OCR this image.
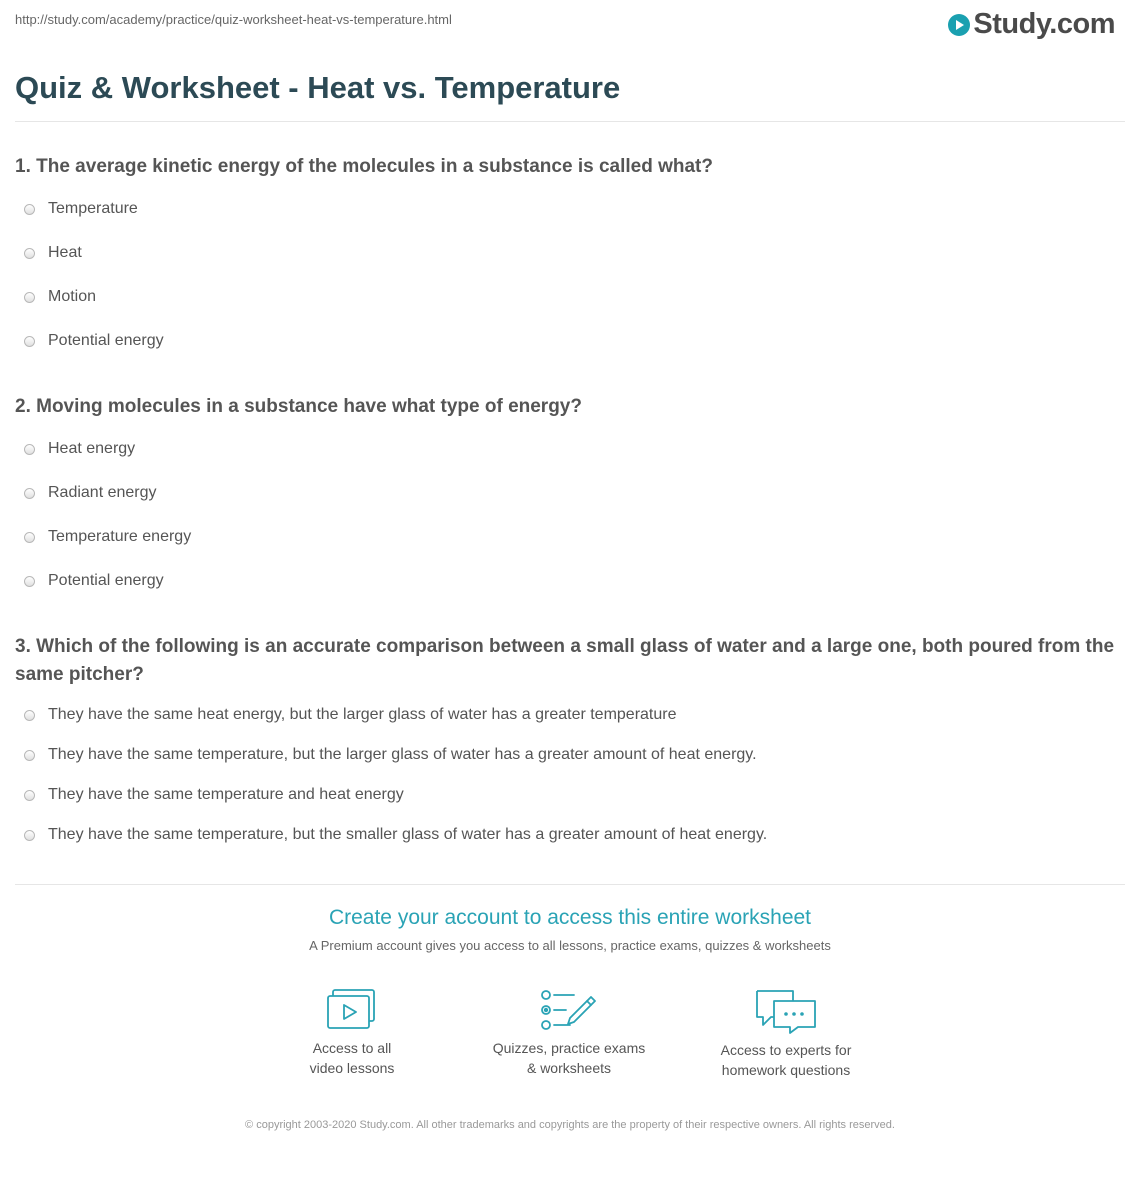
http://study.com/academy/practice/quiz-worksheet-heat-vs-temperature.html	Study.com
Quiz & Worksheet - Heat vs. Temperature

1. The average kinetic energy of the molecules in a substance is called what?

Temperature
Heat
Motion
Potential energy

2. Moving molecules in a substance have what type of energy?

Heat energy
Radiant energy
Temperature energy
Potential energy

3. Which of the following is an accurate comparison between a small glass of water and a large one, both poured from the same pitcher?

They have the same heat energy, but the larger glass of water has a greater temperature
They have the same temperature, but the larger glass of water has a greater amount of heat energy.
They have the same temperature and heat energy
They have the same temperature, but the smaller glass of water has a greater amount of heat energy.
Create your account to access this entire worksheet
A Premium account gives you access to all lessons, practice exams, quizzes & worksheets
Access to all
video lessons
Quizzes, practice exams
& worksheets
Access to experts for
homework questions
© copyright 2003-2020 Study.com. All other trademarks and copyrights are the property of their respective owners. All rights reserved.
